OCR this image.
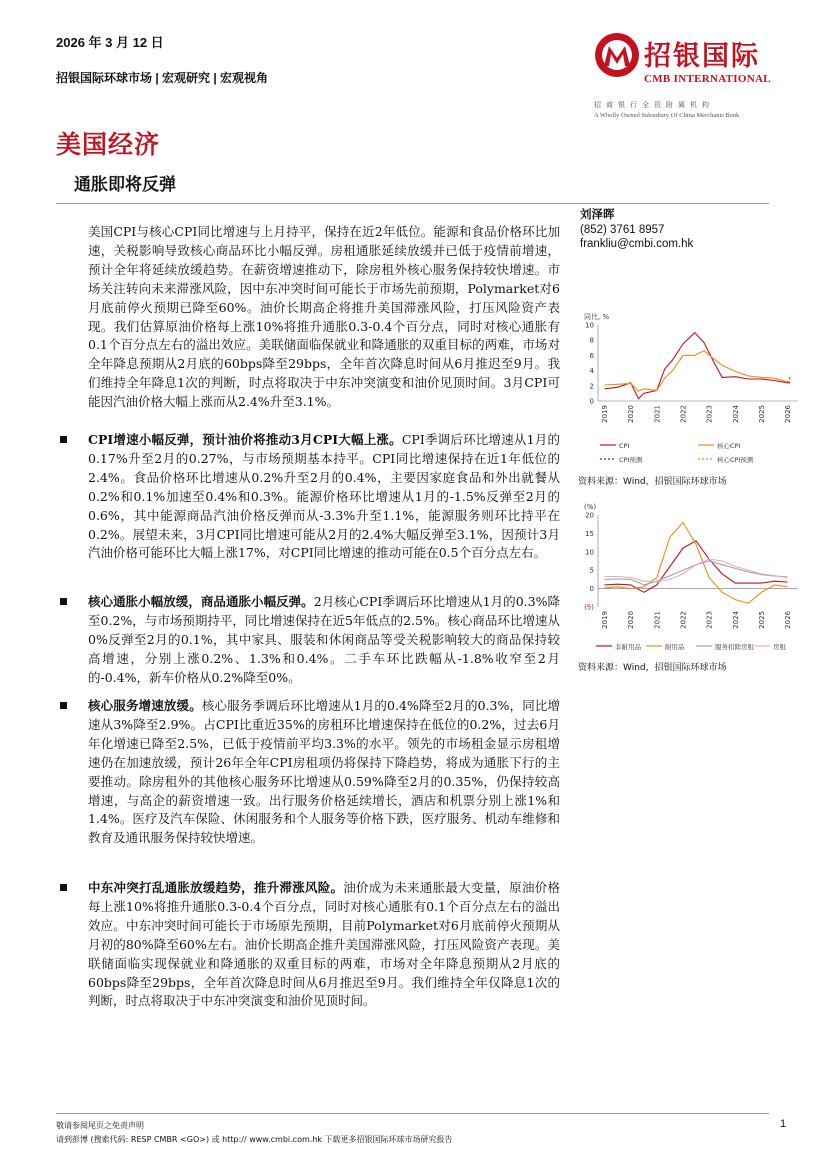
2026 年 3 月 12 日
招银国际环球市场 | 宏观研究 | 宏观视角
招银国际
CMB INTERNATIONAL
招商银行全资附属机构
A Wholly Owned Subsidiary Of China Merchants Bank
美国经济
通胀即将反弹
美国CPI与核心CPI同比增速与上月持平，保持在近2年低位。能源和食品价格环比加速，关税影响导致核心商品环比小幅反弹。房租通胀延续放缓并已低于疫情前增速，预计全年将延续放缓趋势。在薪资增速推动下，除房租外核心服务保持较快增速。市场关注转向未来滞涨风险，因中东冲突时间可能长于市场先前预期，Polymarket对6月底前停火预期已降至60%。油价长期高企将推升美国滞涨风险，打压风险资产表现。我们估算原油价格每上涨10%将推升通胀0.3-0.4个百分点，同时对核心通胀有0.1个百分点左右的溢出效应。美联储面临保就业和降通胀的双重目标的两难，市场对全年降息预期从2月底的60bps降至29bps，全年首次降息时间从6月推迟至9月。我们维持全年降息1次的判断，时点将取决于中东冲突演变和油价见顶时间。3月CPI可能因汽油价格大幅上涨而从2.4%升至3.1%。
CPI增速小幅反弹，预计油价将推动3月CPI大幅上涨。CPI季调后环比增速从1月的0.17%升至2月的0.27%，与市场预期基本持平。CPI同比增速保持在近1年低位的2.4%。食品价格环比增速从0.2%升至2月的0.4%，主要因家庭食品和外出就餐从0.2%和0.1%加速至0.4%和0.3%。能源价格环比增速从1月的-1.5%反弹至2月的0.6%，其中能源商品汽油价格反弹而从-3.3%升至1.1%，能源服务则环比持平在0.2%。展望未来，3月CPI同比增速可能从2月的2.4%大幅反弹至3.1%，因预计3月汽油价格可能环比大幅上涨17%，对CPI同比增速的推动可能在0.5个百分点左右。
核心通胀小幅放缓，商品通胀小幅反弹。2月核心CPI季调后环比增速从1月的0.3%降至0.2%，与市场预期持平，同比增速保持在近5年低点的2.5%。核心商品环比增速从0%反弹至2月的0.1%，其中家具、服装和休闲商品等受关税影响较大的商品保持较高增速，分别上涨0.2%、1.3%和0.4%。二手车环比跌幅从-1.8%收窄至2月的-0.4%，新车价格从0.2%降至0%。
核心服务增速放缓。核心服务季调后环比增速从1月的0.4%降至2月的0.3%，同比增速从3%降至2.9%。占CPI比重近35%的房租环比增速保持在低位的0.2%，过去6月年化增速已降至2.5%，已低于疫情前平均3.3%的水平。领先的市场租金显示房租增速仍在加速放缓，预计26年全年CPI房租项仍将保持下降趋势，将成为通胀下行的主要推动。除房租外的其他核心服务环比增速从0.59%降至2月的0.35%，仍保持较高增速，与高企的薪资增速一致。出行服务价格延续增长，酒店和机票分别上涨1%和1.4%。医疗及汽车保险、休闲服务和个人服务等价格下跌，医疗服务、机动车维修和教育及通讯服务保持较快增速。
中东冲突打乱通胀放缓趋势，推升滞涨风险。油价成为未来通胀最大变量，原油价格每上涨10%将推升通胀0.3-0.4个百分点，同时对核心通胀有0.1个百分点左右的溢出效应。中东冲突时间可能长于市场原先预期，目前Polymarket对6月底前停火预期从月初的80%降至60%左右。油价长期高企推升美国滞涨风险，打压风险资产表现。美联储面临实现保就业和降通胀的双重目标的两难，市场对全年降息预期从2月底的60bps降至29bps，全年首次降息时间从6月推迟至9月。我们维持全年仅降息1次的判断，时点将取决于中东冲突演变和油价见顶时间。
刘泽晖
(852) 3761 8957
frankliu@cmbi.com.hk
同比, %
0
2
4
6
8
10
2019	2020	2021	2022	2023	2024	2025	2026
CPI	核心CPI
CPI预测	核心CPI预测
资料来源：Wind，招银国际环球市场
(%)
(5)
0
5
10
15
20
2019	2020	2021	2022	2023	2024	2025	2026
非耐用品	耐用品	服务扣除房租	房租
资料来源：Wind，招银国际环球市场
敬请参阅尾页之免责声明
请到彭博 (搜索代码: RESP CMBR <GO>) 或 http:// www.cmbi.com.hk 下载更多招银国际环球市场研究报告
1
